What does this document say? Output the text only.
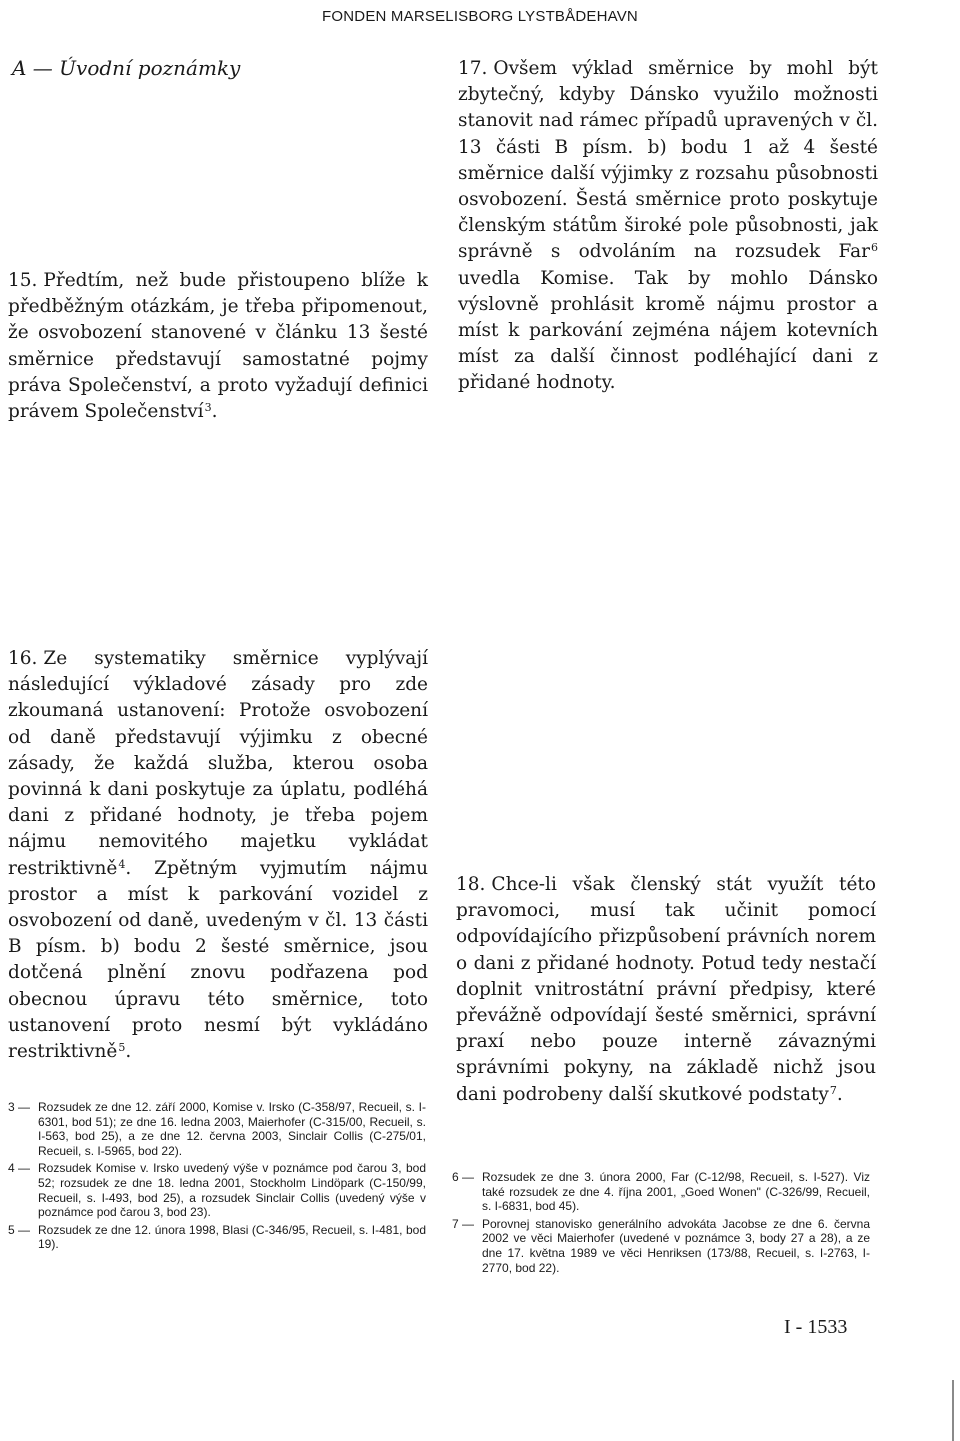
FONDEN MARSELISBORG LYSTBÅDEHAVN
A — Úvodní poznámky

15. Předtím, než bude přistoupeno blíže k předběžným otázkám, je třeba připomenout, že osvobození stanovené v článku 13 šesté směrnice představují samostatné pojmy práva Společenství, a proto vyžadují definici právem Společenství$^3$.

17. Ovšem výklad směrnice by mohl být zbytečný, kdyby Dánsko využilo možnosti stanovit nad rámec případů upravených v čl. 13 části B písm. b) bodu 1 až 4 šesté směrnice další výjimky z rozsahu působnosti osvobození. Šestá směrnice proto poskytuje členským státům široké pole působnosti, jak správně s odvoláním na rozsudek Far$^6$ uvedla Komise. Tak by mohlo Dánsko výslovně prohlásit kromě nájmu prostor a míst k parkování zejména nájem kotevních míst za další činnost podléhající dani z přidané hodnoty.

16. Ze systematiky směrnice vyplývají následující výkladové zásady pro zde zkoumaná ustanovení: Protože osvobození od daně představují výjimku z obecné zásady, že každá služba, kterou osoba povinná k dani poskytuje za úplatu, podléhá dani z přidané hodnoty, je třeba pojem nájmu nemovitého majetku vykládat restriktivně$^4$. Zpětným vyjmutím nájmu prostor a míst k parkování vozidel z osvobození od daně, uvedeným v čl. 13 části B písm. b) bodu 2 šesté směrnice, jsou dotčená plnění znovu podřazena pod obecnou úpravu této směrnice, toto ustanovení proto nesmí být vykládáno restriktivně$^5$.

18. Chce-li však členský stát využít této pravomoci, musí tak učinit pomocí odpovídajícího přizpůsobení právních norem o dani z přidané hodnoty. Potud tedy nestačí doplnit vnitrostátní právní předpisy, které převážně odpovídají šesté směrnici, správní praxí nebo pouze interně závaznými správními pokyny, na základě nichž jsou dani podrobeny další skutkové podstaty$^7$.

3 — Rozsudek ze dne 12. září 2000, Komise v. Irsko (C-358/97, Recueil, s. I-6301, bod 51); ze dne 16. ledna 2003, Maierhofer (C-315/00, Recueil, s. I-563, bod 25), a ze dne 12. června 2003, Sinclair Collis (C-275/01, Recueil, s. I-5965, bod 22).

4 — Rozsudek Komise v. Irsko uvedený výše v poznámce pod čarou 3, bod 52; rozsudek ze dne 18. ledna 2001, Stockholm Lindöpark (C-150/99, Recueil, s. I-493, bod 25), a rozsudek Sinclair Collis (uvedený výše v poznámce pod čarou 3, bod 23).

5 — Rozsudek ze dne 12. února 1998, Blasi (C-346/95, Recueil, s. I-481, bod 19).

6 — Rozsudek ze dne 3. února 2000, Far (C-12/98, Recueil, s. I-527). Viz také rozsudek ze dne 4. října 2001, „Goed Wonen" (C-326/99, Recueil, s. I-6831, bod 45).

7 — Porovnej stanovisko generálního advokáta Jacobse ze dne 6. června 2002 ve věci Maierhofer (uvedené v poznámce 3, body 27 a 28), a ze dne 17. května 1989 ve věci Henriksen (173/88, Recueil, s. I-2763, I-2770, bod 22).

I - 1533
